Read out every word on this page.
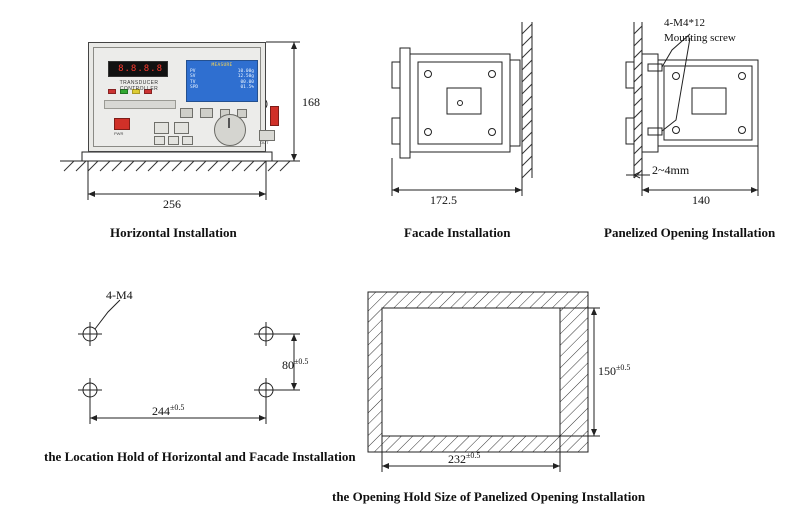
8.8.8.8
TRANSDUCER CONTROLLER
MEASURE
PV	10.00g
SV	12.50g
TV	00.00
SPD	01.5%
OUT
PWR
168
256	172.5
2~4mm
140
4-M4*12
Mounting screw
4-M4
$80^{\pm 0.5}$
$244^{\pm 0.5}$
$150^{\pm 0.5}$
$232^{\pm 0.5}$
Horizontal Installation	Facade Installation	Panelized Opening Installation
the Location Hold of Horizontal and Facade Installation
the Opening Hold Size of Panelized Opening Installation
